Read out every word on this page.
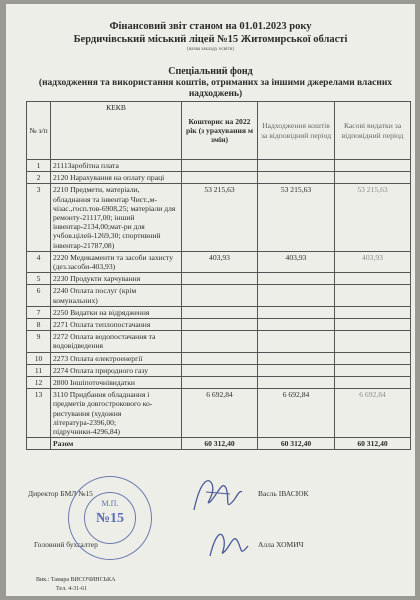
Фінансовий звіт станом на 01.01.2023 року
Бердичівський міський ліцей №15 Житомирської області
(назва закладу освіти)
Спеціальний фонд
(надходження та використання коштів, отриманих за іншими джерелами власних надходжень)
№ з/п	КЕКВ	Кошторис на 2022 рік (з урахування м змін)	Надходження коштів за відповідний період	Касові видатки за відповідний період
1	2111Заробітна плата			
2	2120 Нарахування на оплату праці			
3	2210 Предмети, матеріали, обладнання та інвентар Чист.,м-чізас.,госп.тов-6908,25; матеріали для ремонту-21117,00; інший інвентар-2134,00;мат-ри для учбов.цілей-1269,30; спортивний інвентар-21787,08)	53 215,63	53 215,63	53 215,63
4	2220 Медикаменти та засоби захисту (дез.засоби-403,93)	403,93	403,93	403,93
5	2230 Продукти харчування			
6	2240 Оплата послуг (крім комунальних)			
7	2250 Видатки на відрядження			
8	2271 Оплата теплопостачання			
9	2272 Оплата водопостачання та водовідведення			
10	2273 Оплата електроенергії			
11	2274 Оплата природного газу			
12	2800 Іншіпоточнівидатки			
13	3110 Придбання обладнання і предметів довгострокового ко-ристування (художня література-2396,00; підручники-4296,84)	6 692,84	6 692,84	6 692,84
	Разом	60 312,40	60 312,40	60 312,40
Директор БМЛ №15	Васль ІВАСЮК
Головний бухгалтер	Алла ХОМИЧ
М.П.
№15
Вик.: Тамара ВИСОЧИНСЬКА
Тел. 4-31-61
